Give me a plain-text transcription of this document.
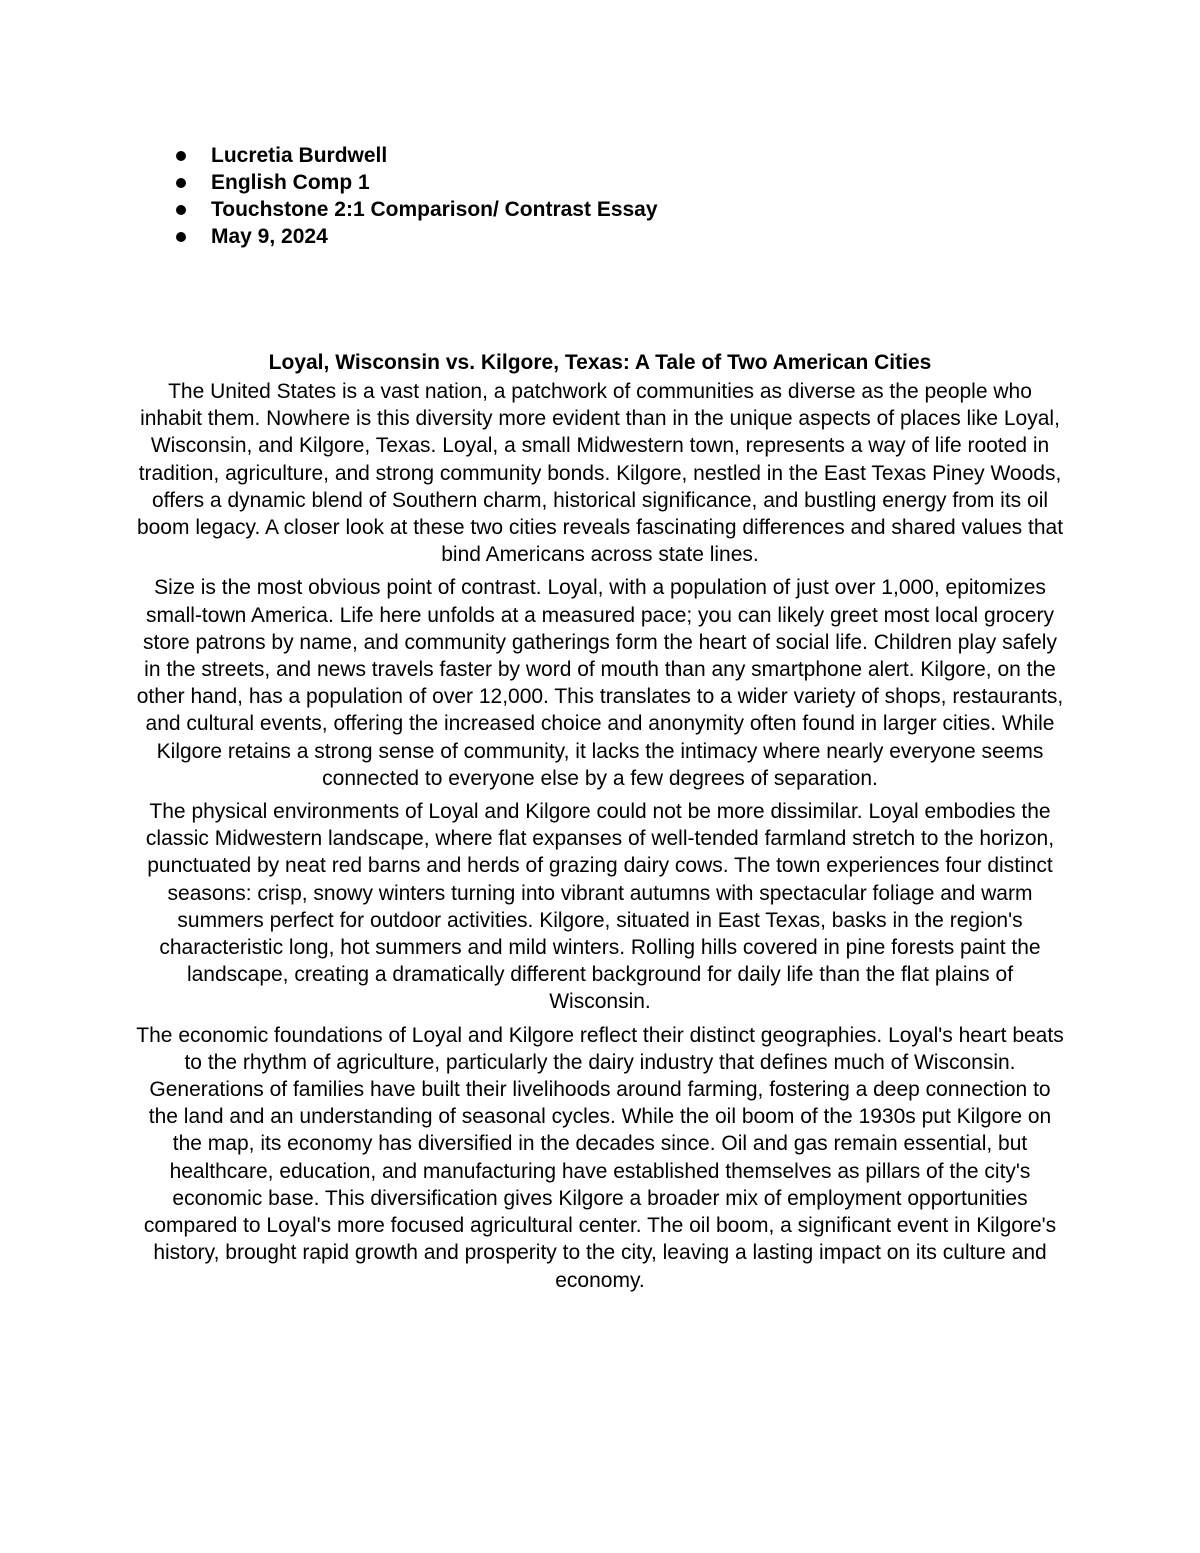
Lucretia Burdwell
English Comp 1
Touchstone 2:1 Comparison/ Contrast Essay
May 9, 2024
Loyal, Wisconsin vs. Kilgore, Texas: A Tale of Two American Cities

The United States is a vast nation, a patchwork of communities as diverse as the people who inhabit them. Nowhere is this diversity more evident than in the unique aspects of places like Loyal, Wisconsin, and Kilgore, Texas. Loyal, a small Midwestern town, represents a way of life rooted in tradition, agriculture, and strong community bonds. Kilgore, nestled in the East Texas Piney Woods, offers a dynamic blend of Southern charm, historical significance, and bustling energy from its oil boom legacy. A closer look at these two cities reveals fascinating differences and shared values that bind Americans across state lines.

Size is the most obvious point of contrast. Loyal, with a population of just over 1,000, epitomizes small-town America. Life here unfolds at a measured pace; you can likely greet most local grocery store patrons by name, and community gatherings form the heart of social life. Children play safely in the streets, and news travels faster by word of mouth than any smartphone alert. Kilgore, on the other hand, has a population of over 12,000. This translates to a wider variety of shops, restaurants, and cultural events, offering the increased choice and anonymity often found in larger cities. While Kilgore retains a strong sense of community, it lacks the intimacy where nearly everyone seems connected to everyone else by a few degrees of separation.

The physical environments of Loyal and Kilgore could not be more dissimilar. Loyal embodies the classic Midwestern landscape, where flat expanses of well-tended farmland stretch to the horizon, punctuated by neat red barns and herds of grazing dairy cows. The town experiences four distinct seasons: crisp, snowy winters turning into vibrant autumns with spectacular foliage and warm summers perfect for outdoor activities. Kilgore, situated in East Texas, basks in the region's characteristic long, hot summers and mild winters. Rolling hills covered in pine forests paint the landscape, creating a dramatically different background for daily life than the flat plains of Wisconsin.

The economic foundations of Loyal and Kilgore reflect their distinct geographies. Loyal's heart beats to the rhythm of agriculture, particularly the dairy industry that defines much of Wisconsin. Generations of families have built their livelihoods around farming, fostering a deep connection to the land and an understanding of seasonal cycles. While the oil boom of the 1930s put Kilgore on the map, its economy has diversified in the decades since. Oil and gas remain essential, but healthcare, education, and manufacturing have established themselves as pillars of the city's economic base. This diversification gives Kilgore a broader mix of employment opportunities compared to Loyal's more focused agricultural center. The oil boom, a significant event in Kilgore's history, brought rapid growth and prosperity to the city, leaving a lasting impact on its culture and economy.
